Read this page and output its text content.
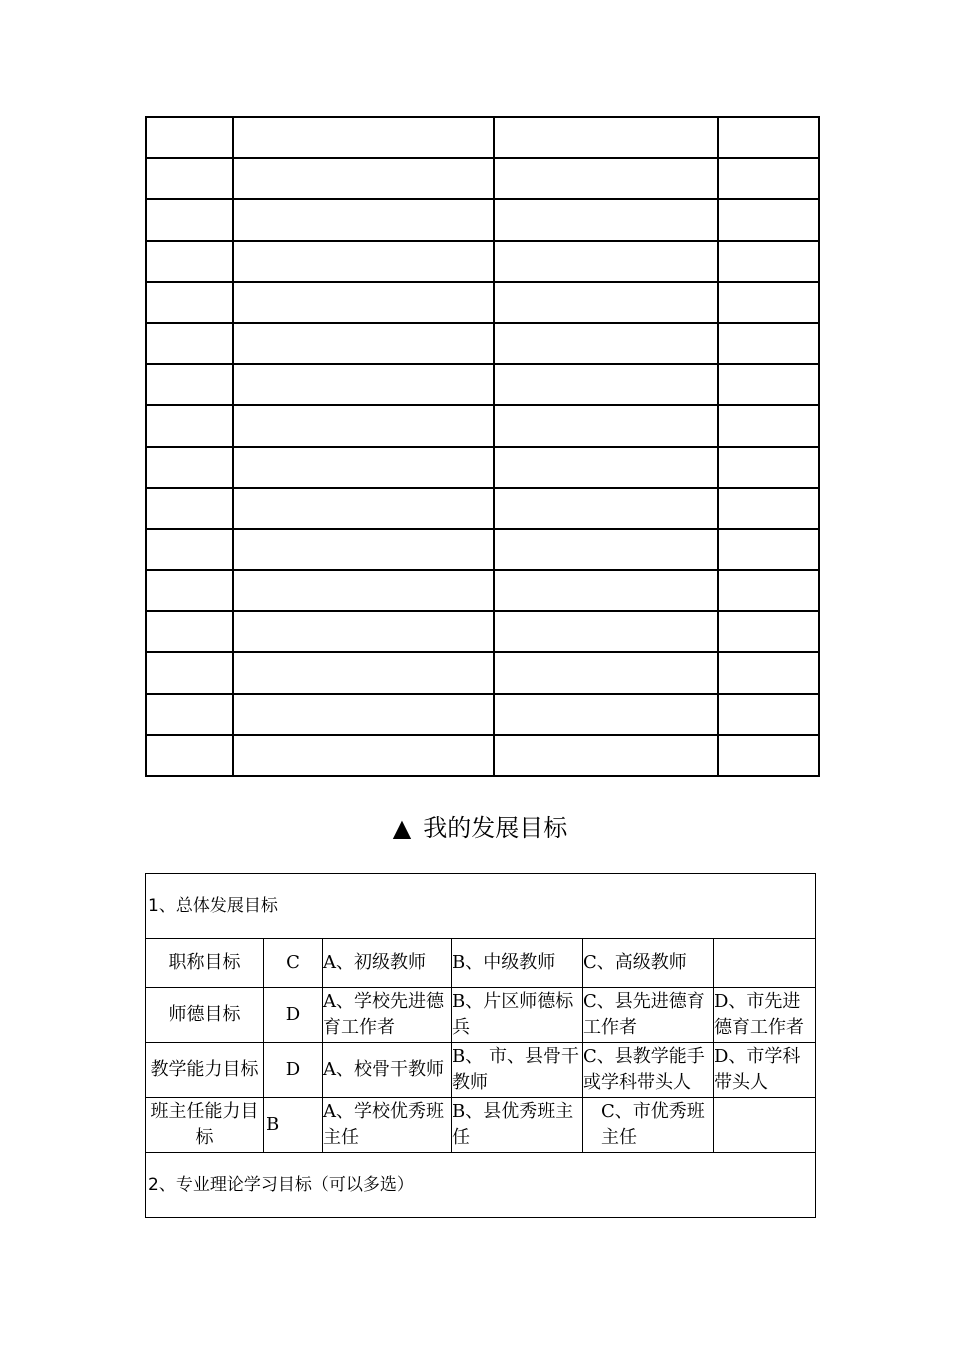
▲ 我的发展目标
1、总体发展目标					
职称目标	C	A、初级教师	B、中级教师	C、高级教师	
师德目标	D	A、学校先进德育工作者	B、片区师德标兵	C、县先进德育工作者	D、市先进德育工作者
教学能力目标	D	A、校骨干教师	B、 市、县骨干教师	C、县教学能手或学科带头人	D、市学科带头人
班主任能力目标	B	A、学校优秀班主任	B、县优秀班主任	C、市优秀班主任	
2、专业理论学习目标（可以多选）					
